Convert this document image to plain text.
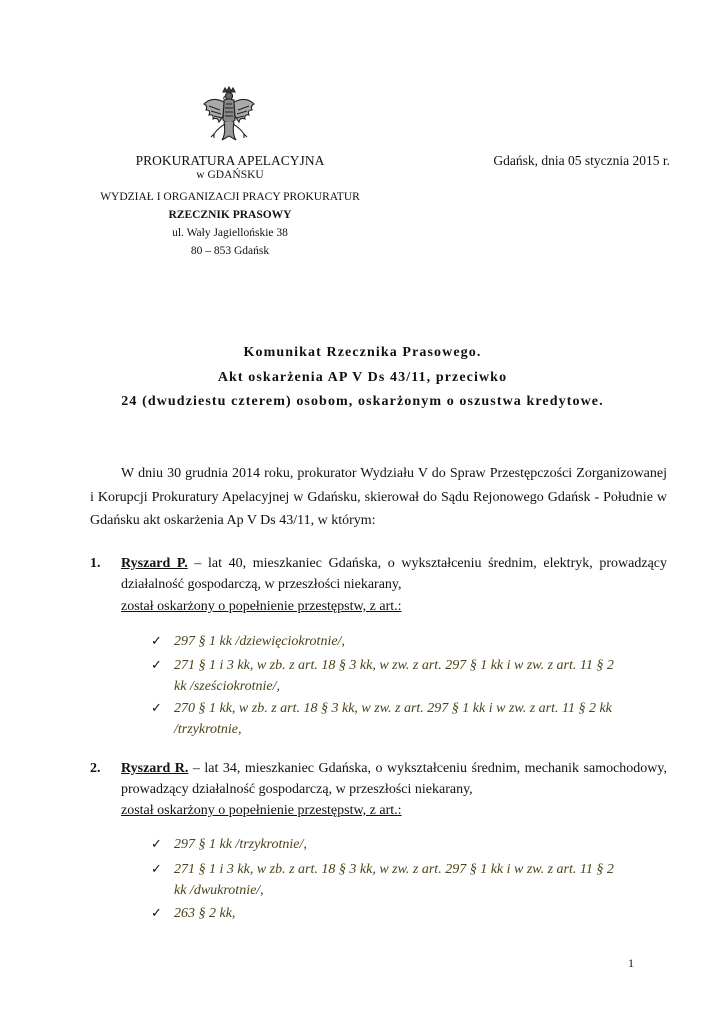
PROKURATURA APELACYJNA
w GDAŃSKU
WYDZIAŁ I ORGANIZACJI PRACY PROKURATUR
RZECZNIK PRASOWY
ul. Wały Jagiellońskie 38
80 – 853 Gdańsk
Gdańsk, dnia 05 stycznia 2015 r.
Komunikat Rzecznika Prasowego.
Akt oskarżenia AP V Ds 43/11, przeciwko
24 (dwudziestu czterem) osobom, oskarżonym o oszustwa kredytowe.
W dniu 30 grudnia 2014 roku, prokurator Wydziału V do Spraw Przestępczości Zorganizowanej i Korupcji Prokuratury Apelacyjnej w Gdańsku, skierował do Sądu Rejonowego Gdańsk - Południe w Gdańsku akt oskarżenia Ap V Ds 43/11, w którym:
1. Ryszard P. – lat 40, mieszkaniec Gdańska, o wykształceniu średnim, elektryk, prowadzący działalność gospodarczą, w przeszłości niekarany,
został oskarżony o popełnienie przestępstw, z art.:
✓ 297 § 1 kk /dziewięciokrotnie/,
✓ 271 § 1 i 3 kk, w zb. z art. 18 § 3 kk, w zw. z art. 297 § 1 kk i w zw. z art. 11 § 2 kk /sześciokrotnie/,
✓ 270 § 1 kk, w zb. z art. 18 § 3 kk, w zw. z art. 297 § 1 kk i w zw. z art. 11 § 2 kk /trzykrotnie,
2. Ryszard R. – lat 34, mieszkaniec Gdańska, o wykształceniu średnim, mechanik samochodowy, prowadzący działalność gospodarczą, w przeszłości niekarany,
został oskarżony o popełnienie przestępstw, z art.:
✓ 297 § 1 kk /trzykrotnie/,
✓ 271 § 1 i 3 kk, w zb. z art. 18 § 3 kk, w zw. z art. 297 § 1 kk i w zw. z art. 11 § 2 kk /dwukrotnie/,
✓ 263 § 2 kk,
1
